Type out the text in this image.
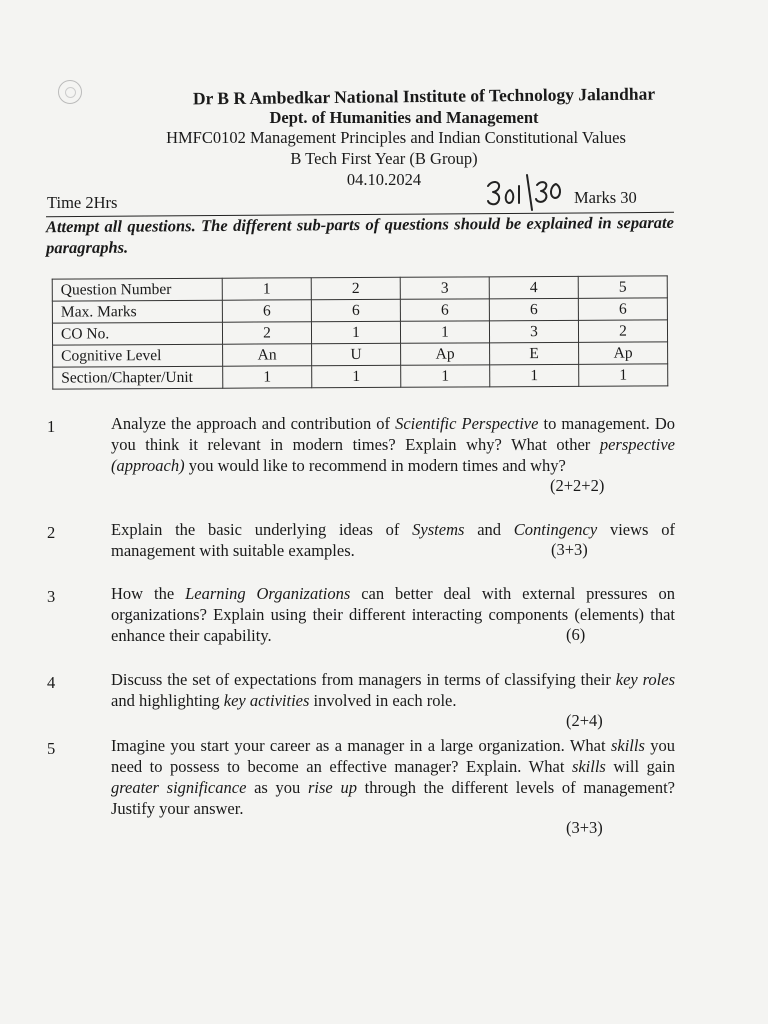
Dr B R Ambedkar National Institute of Technology Jalandhar
Dept. of Humanities and Management
HMFC0102 Management Principles and Indian Constitutional Values
B Tech First Year (B Group)
04.10.2024
Time 2Hrs	Marks 30
Attempt all questions. The different sub-parts of questions should be explained in separate paragraphs.
Question Number	1	2	3	4	5
Max. Marks	6	6	6	6	6
CO No.	2	1	1	3	2
Cognitive Level	An	U	Ap	E	Ap
Section/Chapter/Unit	1	1	1	1	1
1	Analyze the approach and contribution of Scientific Perspective to management. Do you think it relevant in modern times? Explain why? What other perspective (approach) you would like to recommend in modern times and why?
(2+2+2)
2	Explain the basic underlying ideas of Systems and Contingency views of management with suitable examples.	(3+3)
3	How the Learning Organizations can better deal with external pressures on organizations? Explain using their different interacting components (elements) that enhance their capability.	(6)
4	Discuss the set of expectations from managers in terms of classifying their key roles and highlighting key activities involved in each role.
(2+4)
5	Imagine you start your career as a manager in a large organization. What skills you need to possess to become an effective manager? Explain. What skills will gain greater significance as you rise up through the different levels of management? Justify your answer.
(3+3)
